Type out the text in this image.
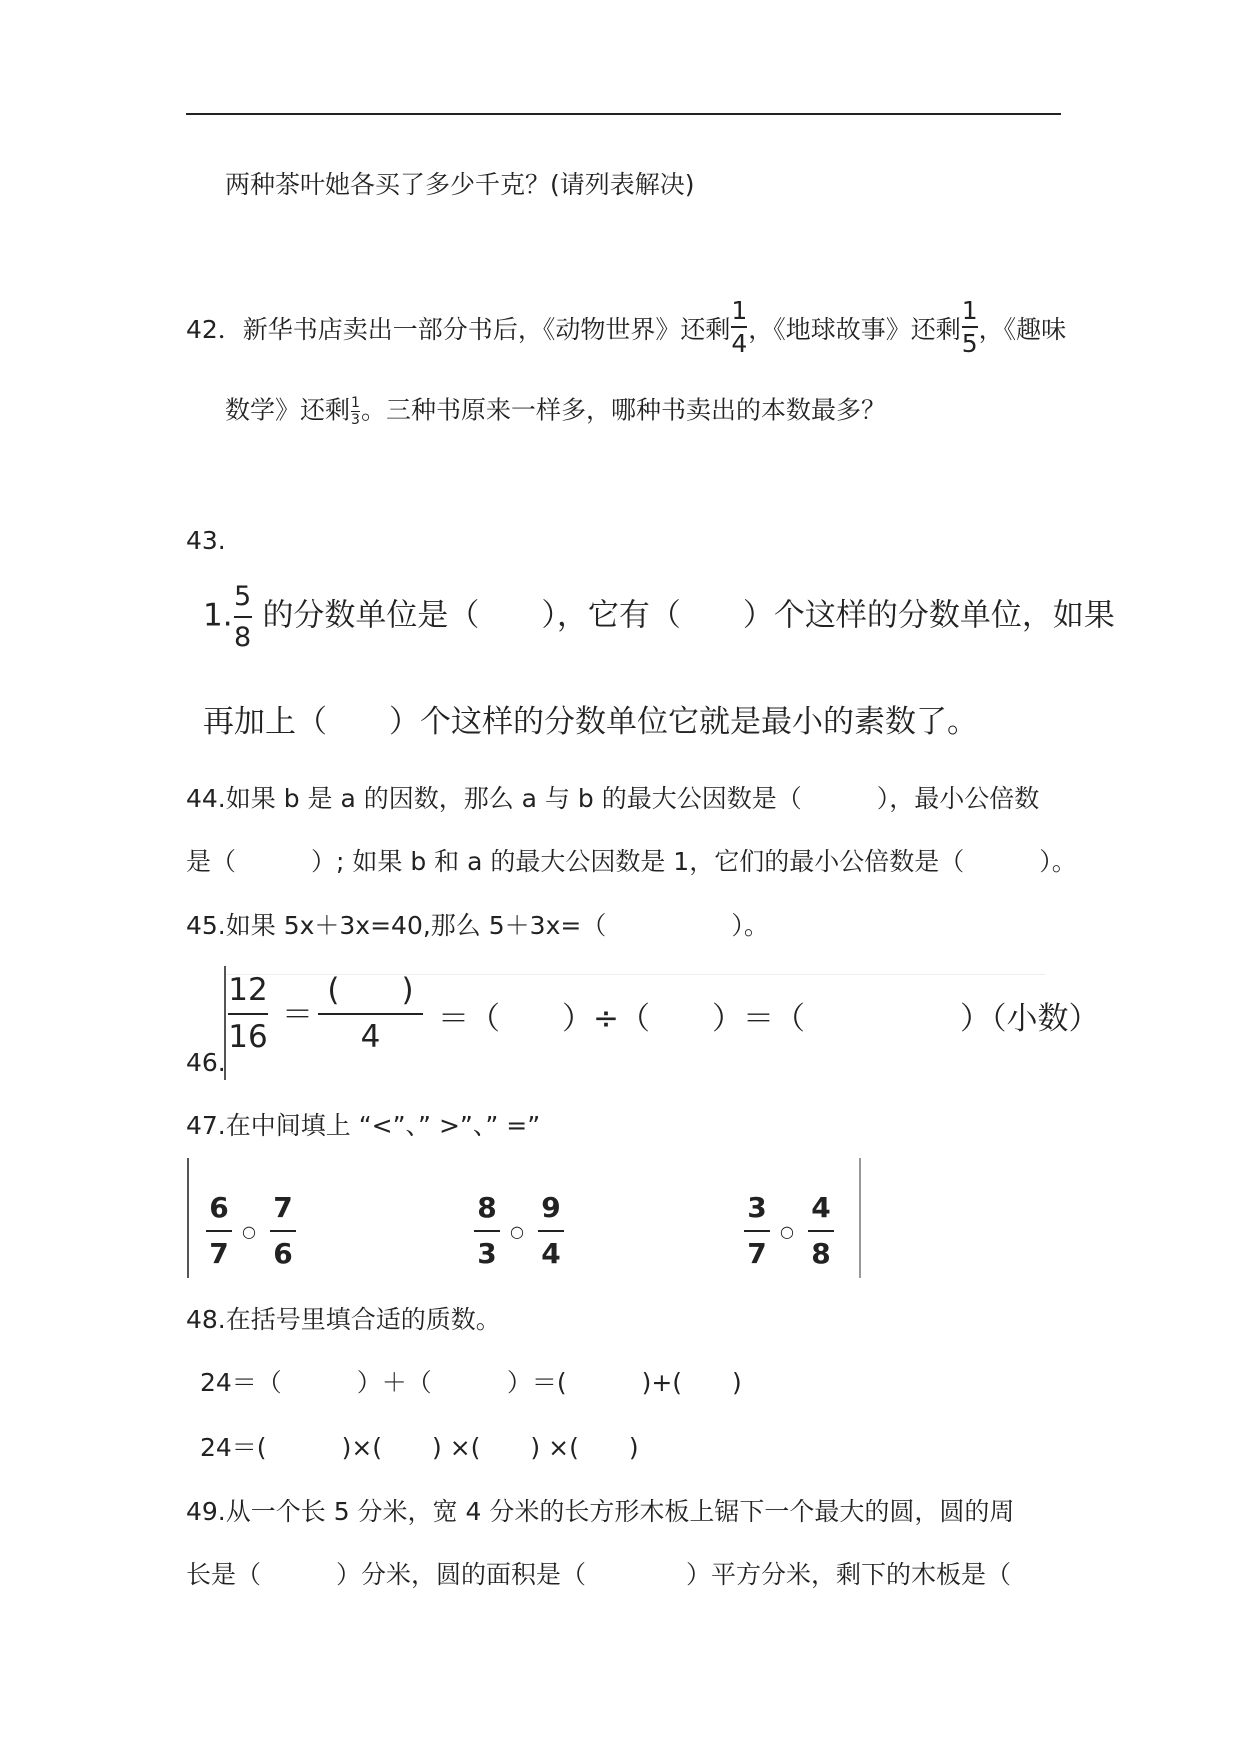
两种茶叶她各买了多少千克？(请列表解决)
42．新华书店卖出一部分书后，《动物世界》还剩 $\frac{1}{4}$ ，《地球故事》还剩 $\frac{1}{5}$ ，《趣味
数学》还剩 $\frac{1}{3}$ 。三种书原来一样多，哪种书卖出的本数最多？
43.
1. $\frac{5}{8}$ 的分数单位是（　　），它有（　　）个这样的分数单位，如果
再加上（　　）个这样的分数单位它就是最小的素数了。
44.如果 b 是 a 的因数，那么 a 与 b 的最大公因数是（　　　），最小公倍数
是（　　　）; 如果 b 和 a 的最大公因数是 1，它们的最小公倍数是（　　　）。
45.如果 5x＋3x=40,那么 5＋3x=（　　　　　）。
12
16
＝
(　　)
4	＝（　　）÷（　　）＝（　　　　　）（小数）
46.
47.在中间填上 “<”、” >”、” =”
6
7
○
7
6
8
3
○
9
4
3
7
○
4
8
48.在括号里填合适的质数。
24＝（　　　）＋（　　　）＝(　　　)+(　　)
24＝(　　　)×(　　) ×(　　) ×(　　)
49.从一个长 5 分米，宽 4 分米的长方形木板上锯下一个最大的圆，圆的周
长是（　　　）分米，圆的面积是（　　　　）平方分米，剩下的木板是（
